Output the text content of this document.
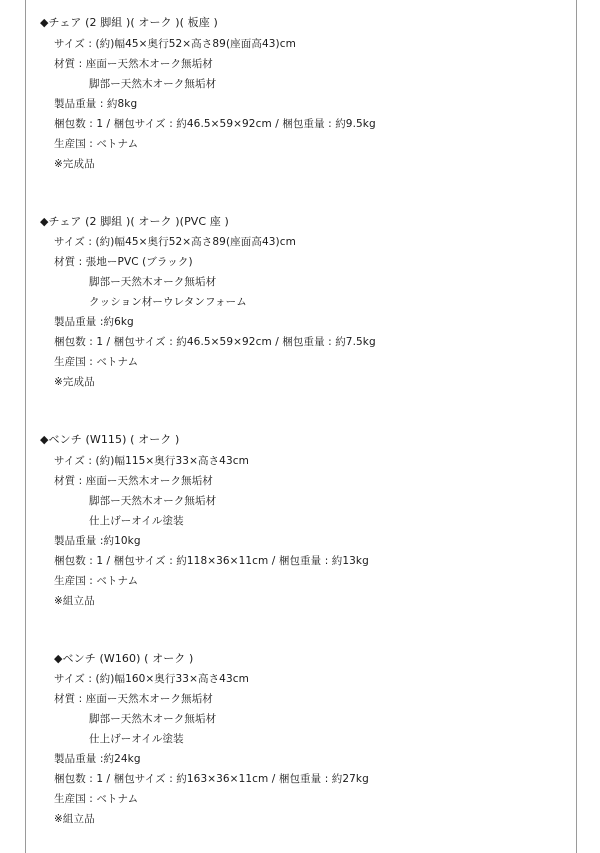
◆チェア (2 脚組 )( オーク )( 板座 )
サイズ : (約)幅45×奥行52×高さ89(座面高43)cm
材質 : 座面ー天然木オーク無垢材
脚部ー天然木オーク無垢材
製品重量 : 約8kg
梱包数 : 1 / 梱包サイズ : 約46.5×59×92cm / 梱包重量 : 約9.5kg
生産国 : ベトナム
※完成品
◆チェア (2 脚組 )( オーク )(PVC 座 )
サイズ : (約)幅45×奥行52×高さ89(座面高43)cm
材質 : 張地ーPVC (ブラック)
脚部ー天然木オーク無垢材
クッション材ーウレタンフォーム
製品重量 :約6kg
梱包数 : 1 / 梱包サイズ : 約46.5×59×92cm / 梱包重量 : 約7.5kg
生産国 : ベトナム
※完成品
◆ベンチ (W115) ( オーク )
サイズ : (約)幅115×奥行33×高さ43cm
材質 : 座面ー天然木オーク無垢材
脚部ー天然木オーク無垢材
仕上げーオイル塗装
製品重量 :約10kg
梱包数 : 1 / 梱包サイズ : 約118×36×11cm / 梱包重量 : 約13kg
生産国 : ベトナム
※組立品
◆ベンチ (W160) ( オーク )
サイズ : (約)幅160×奥行33×高さ43cm
材質 : 座面ー天然木オーク無垢材
脚部ー天然木オーク無垢材
仕上げーオイル塗装
製品重量 :約24kg
梱包数 : 1 / 梱包サイズ : 約163×36×11cm / 梱包重量 : 約27kg
生産国 : ベトナム
※組立品
